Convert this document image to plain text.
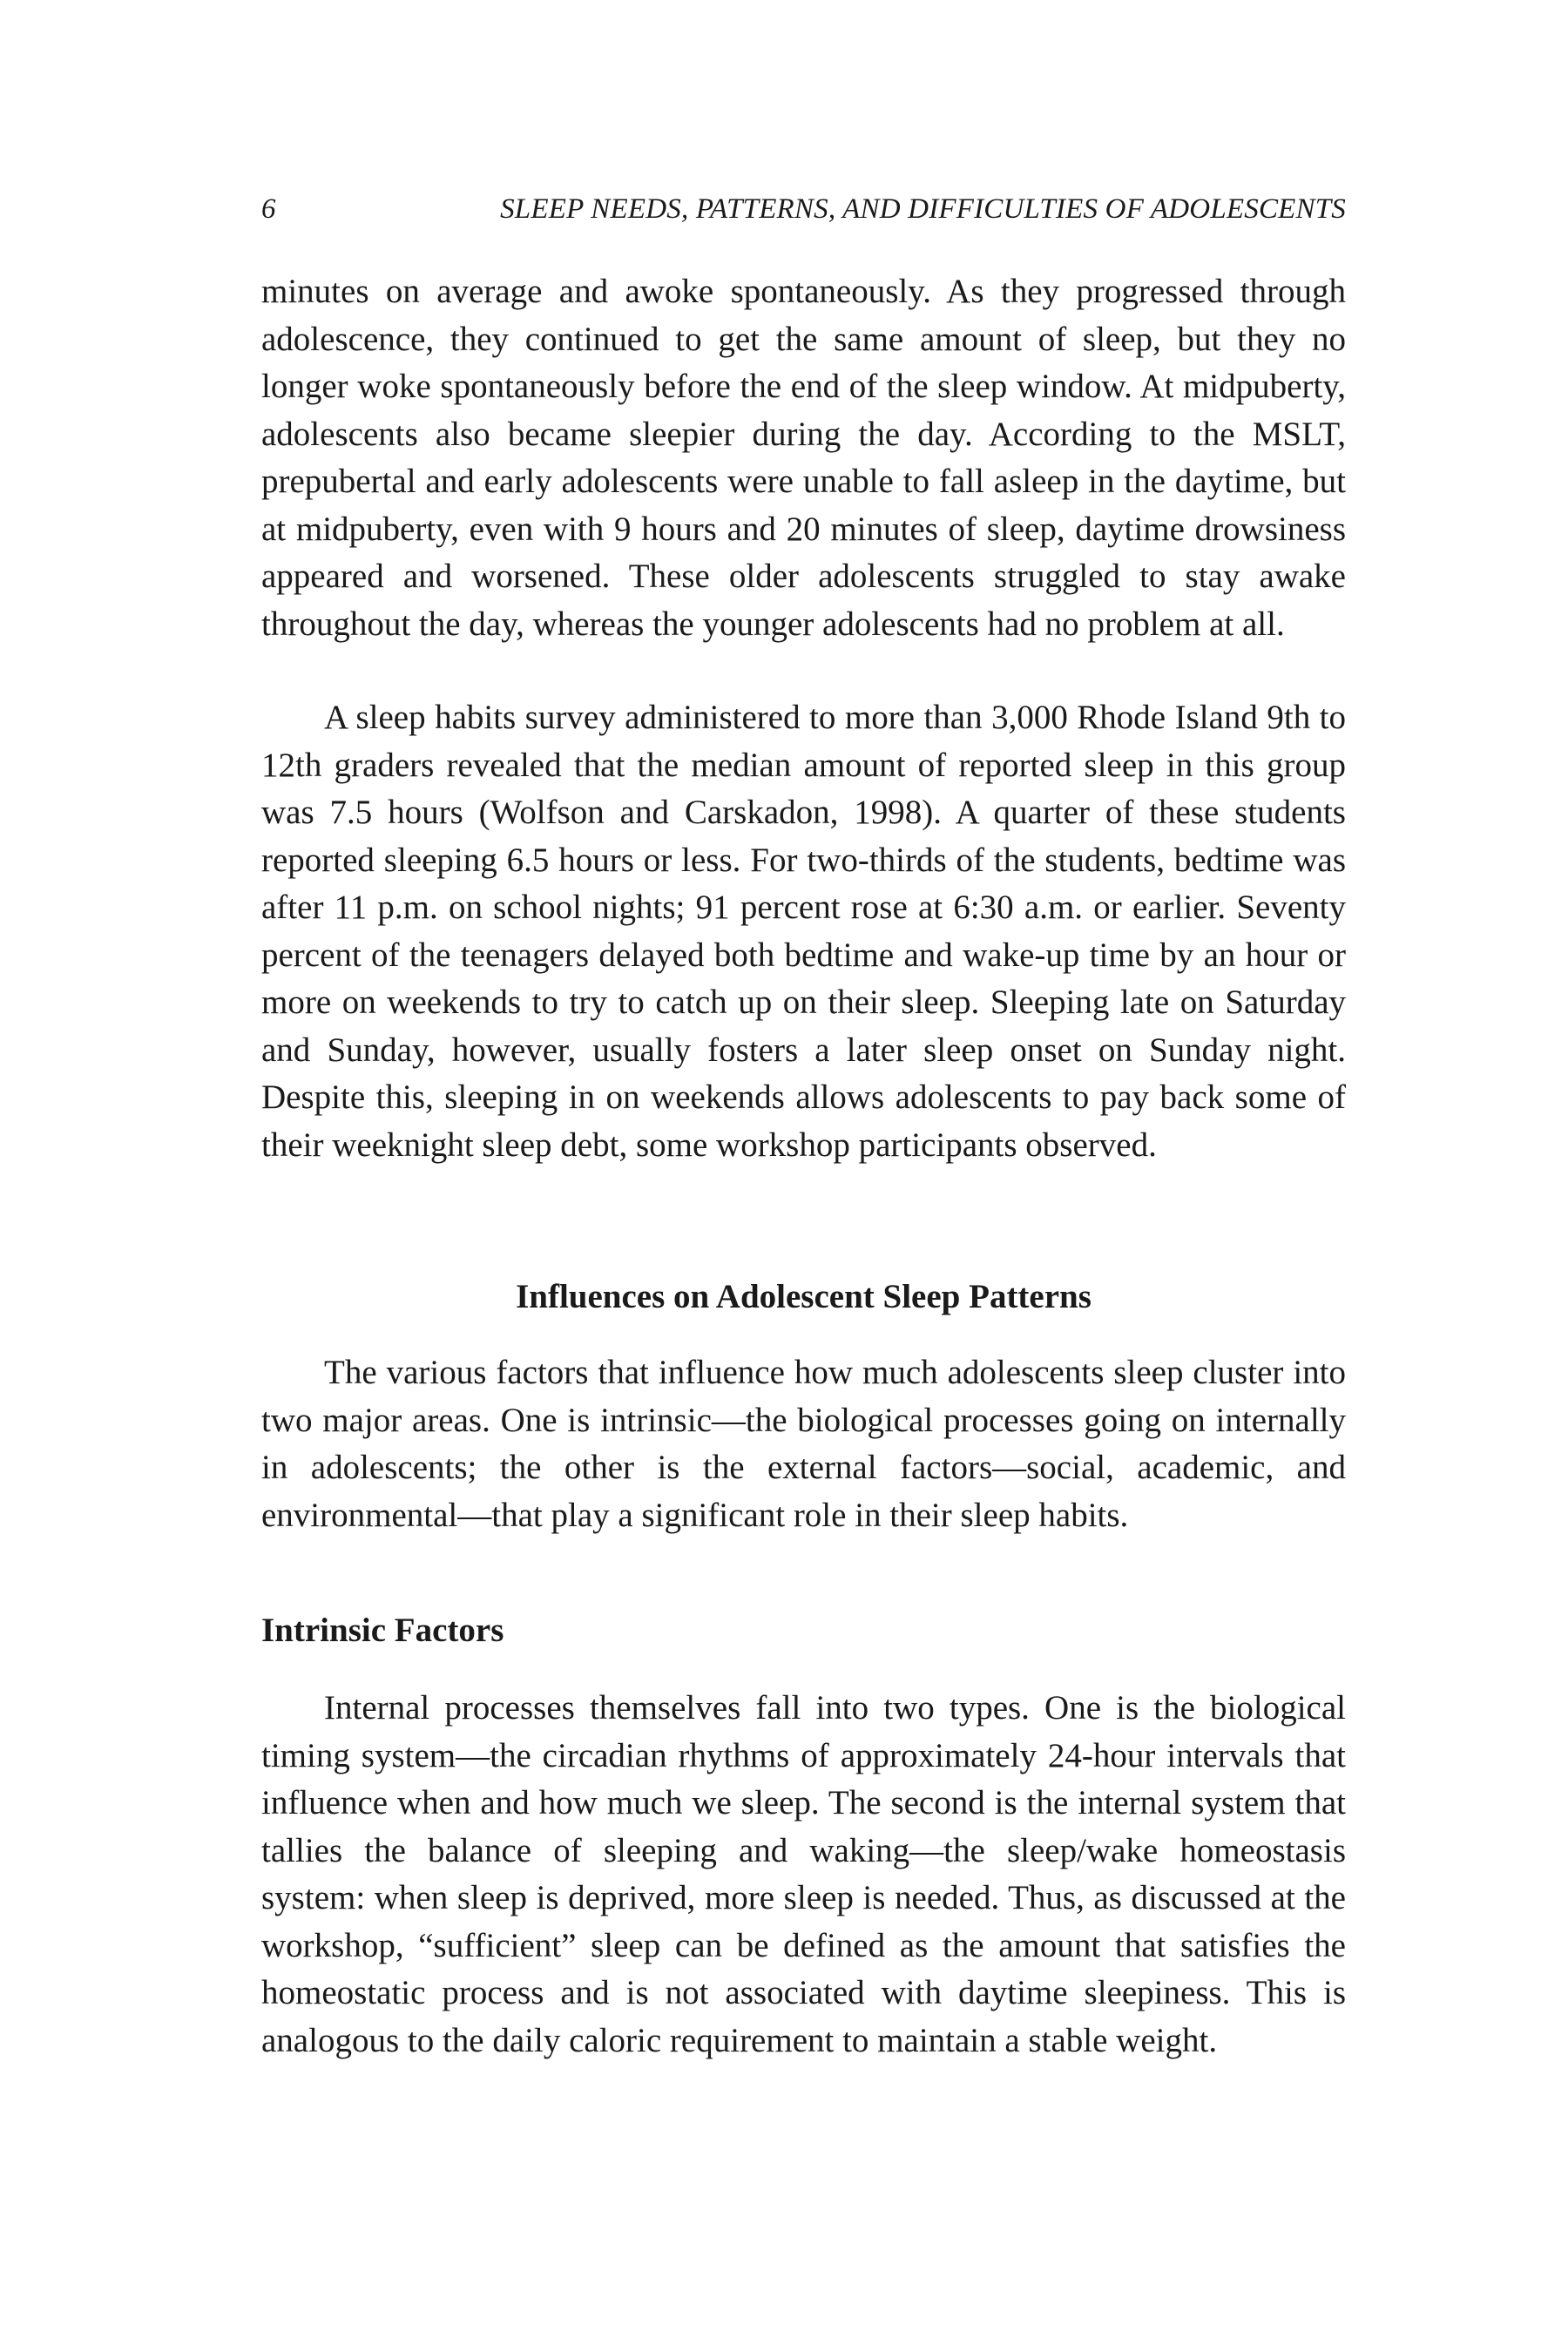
6	SLEEP NEEDS, PATTERNS, AND DIFFICULTIES OF ADOLESCENTS

minutes on average and awoke spontaneously. As they progressed through adolescence, they continued to get the same amount of sleep, but they no longer woke spontaneously before the end of the sleep window. At midpuberty, adolescents also became sleepier during the day. According to the MSLT, prepubertal and early adolescents were unable to fall asleep in the daytime, but at midpuberty, even with 9 hours and 20 minutes of sleep, daytime drowsiness appeared and worsened. These older adolescents struggled to stay awake throughout the day, whereas the younger adolescents had no problem at all.

A sleep habits survey administered to more than 3,000 Rhode Island 9th to 12th graders revealed that the median amount of reported sleep in this group was 7.5 hours (Wolfson and Carskadon, 1998). A quarter of these students reported sleeping 6.5 hours or less. For two-thirds of the students, bedtime was after 11 p.m. on school nights; 91 percent rose at 6:30 a.m. or earlier. Seventy percent of the teenagers delayed both bedtime and wake-up time by an hour or more on weekends to try to catch up on their sleep. Sleeping late on Saturday and Sunday, however, usually fosters a later sleep onset on Sunday night. Despite this, sleeping in on weekends allows adolescents to pay back some of their weeknight sleep debt, some workshop participants observed.

Influences on Adolescent Sleep Patterns

The various factors that influence how much adolescents sleep cluster into two major areas. One is intrinsic—the biological processes going on internally in adolescents; the other is the external factors—social, academic, and environmental—that play a significant role in their sleep habits.

Intrinsic Factors

Internal processes themselves fall into two types. One is the biological timing system—the circadian rhythms of approximately 24-hour intervals that influence when and how much we sleep. The second is the internal system that tallies the balance of sleeping and waking—the sleep/wake homeostasis system: when sleep is deprived, more sleep is needed. Thus, as discussed at the workshop, “sufficient” sleep can be defined as the amount that satisfies the homeostatic process and is not associated with daytime sleepiness. This is analogous to the daily caloric requirement to maintain a stable weight.
